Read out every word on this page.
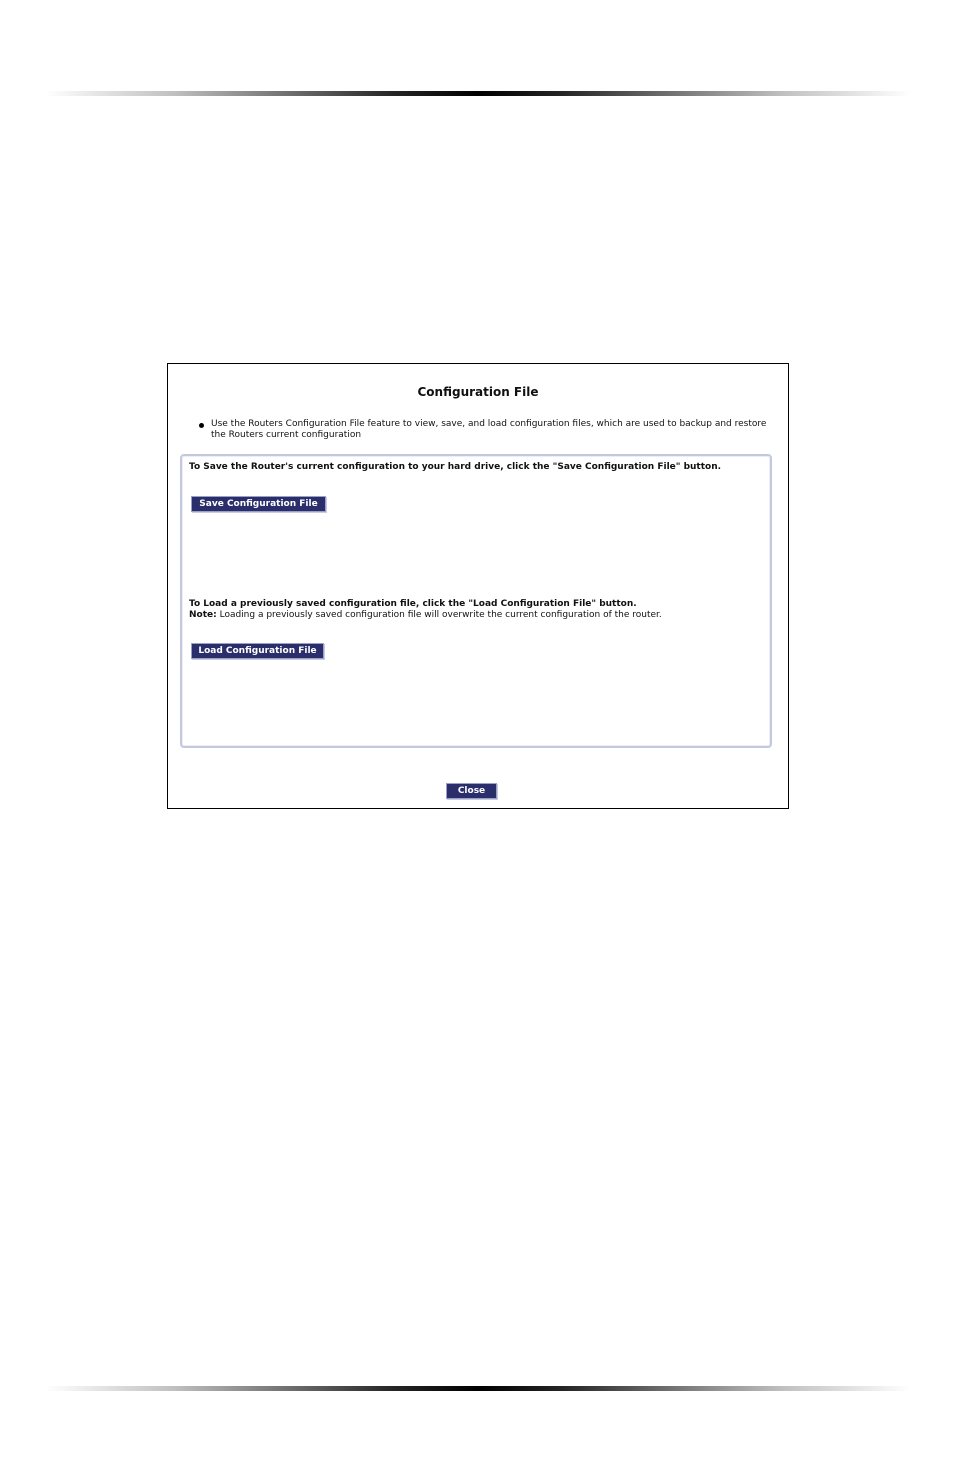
Configuration File
Use the Routers Configuration File feature to view, save, and load configuration files, which are used to backup and restore the Routers current configuration
To Save the Router's current configuration to your hard drive, click the "Save Configuration File" button.
Save Configuration File
To Load a previously saved configuration file, click the "Load Configuration File" button.
Note: Loading a previously saved configuration file will overwrite the current configuration of the router.
Load Configuration File
Close
